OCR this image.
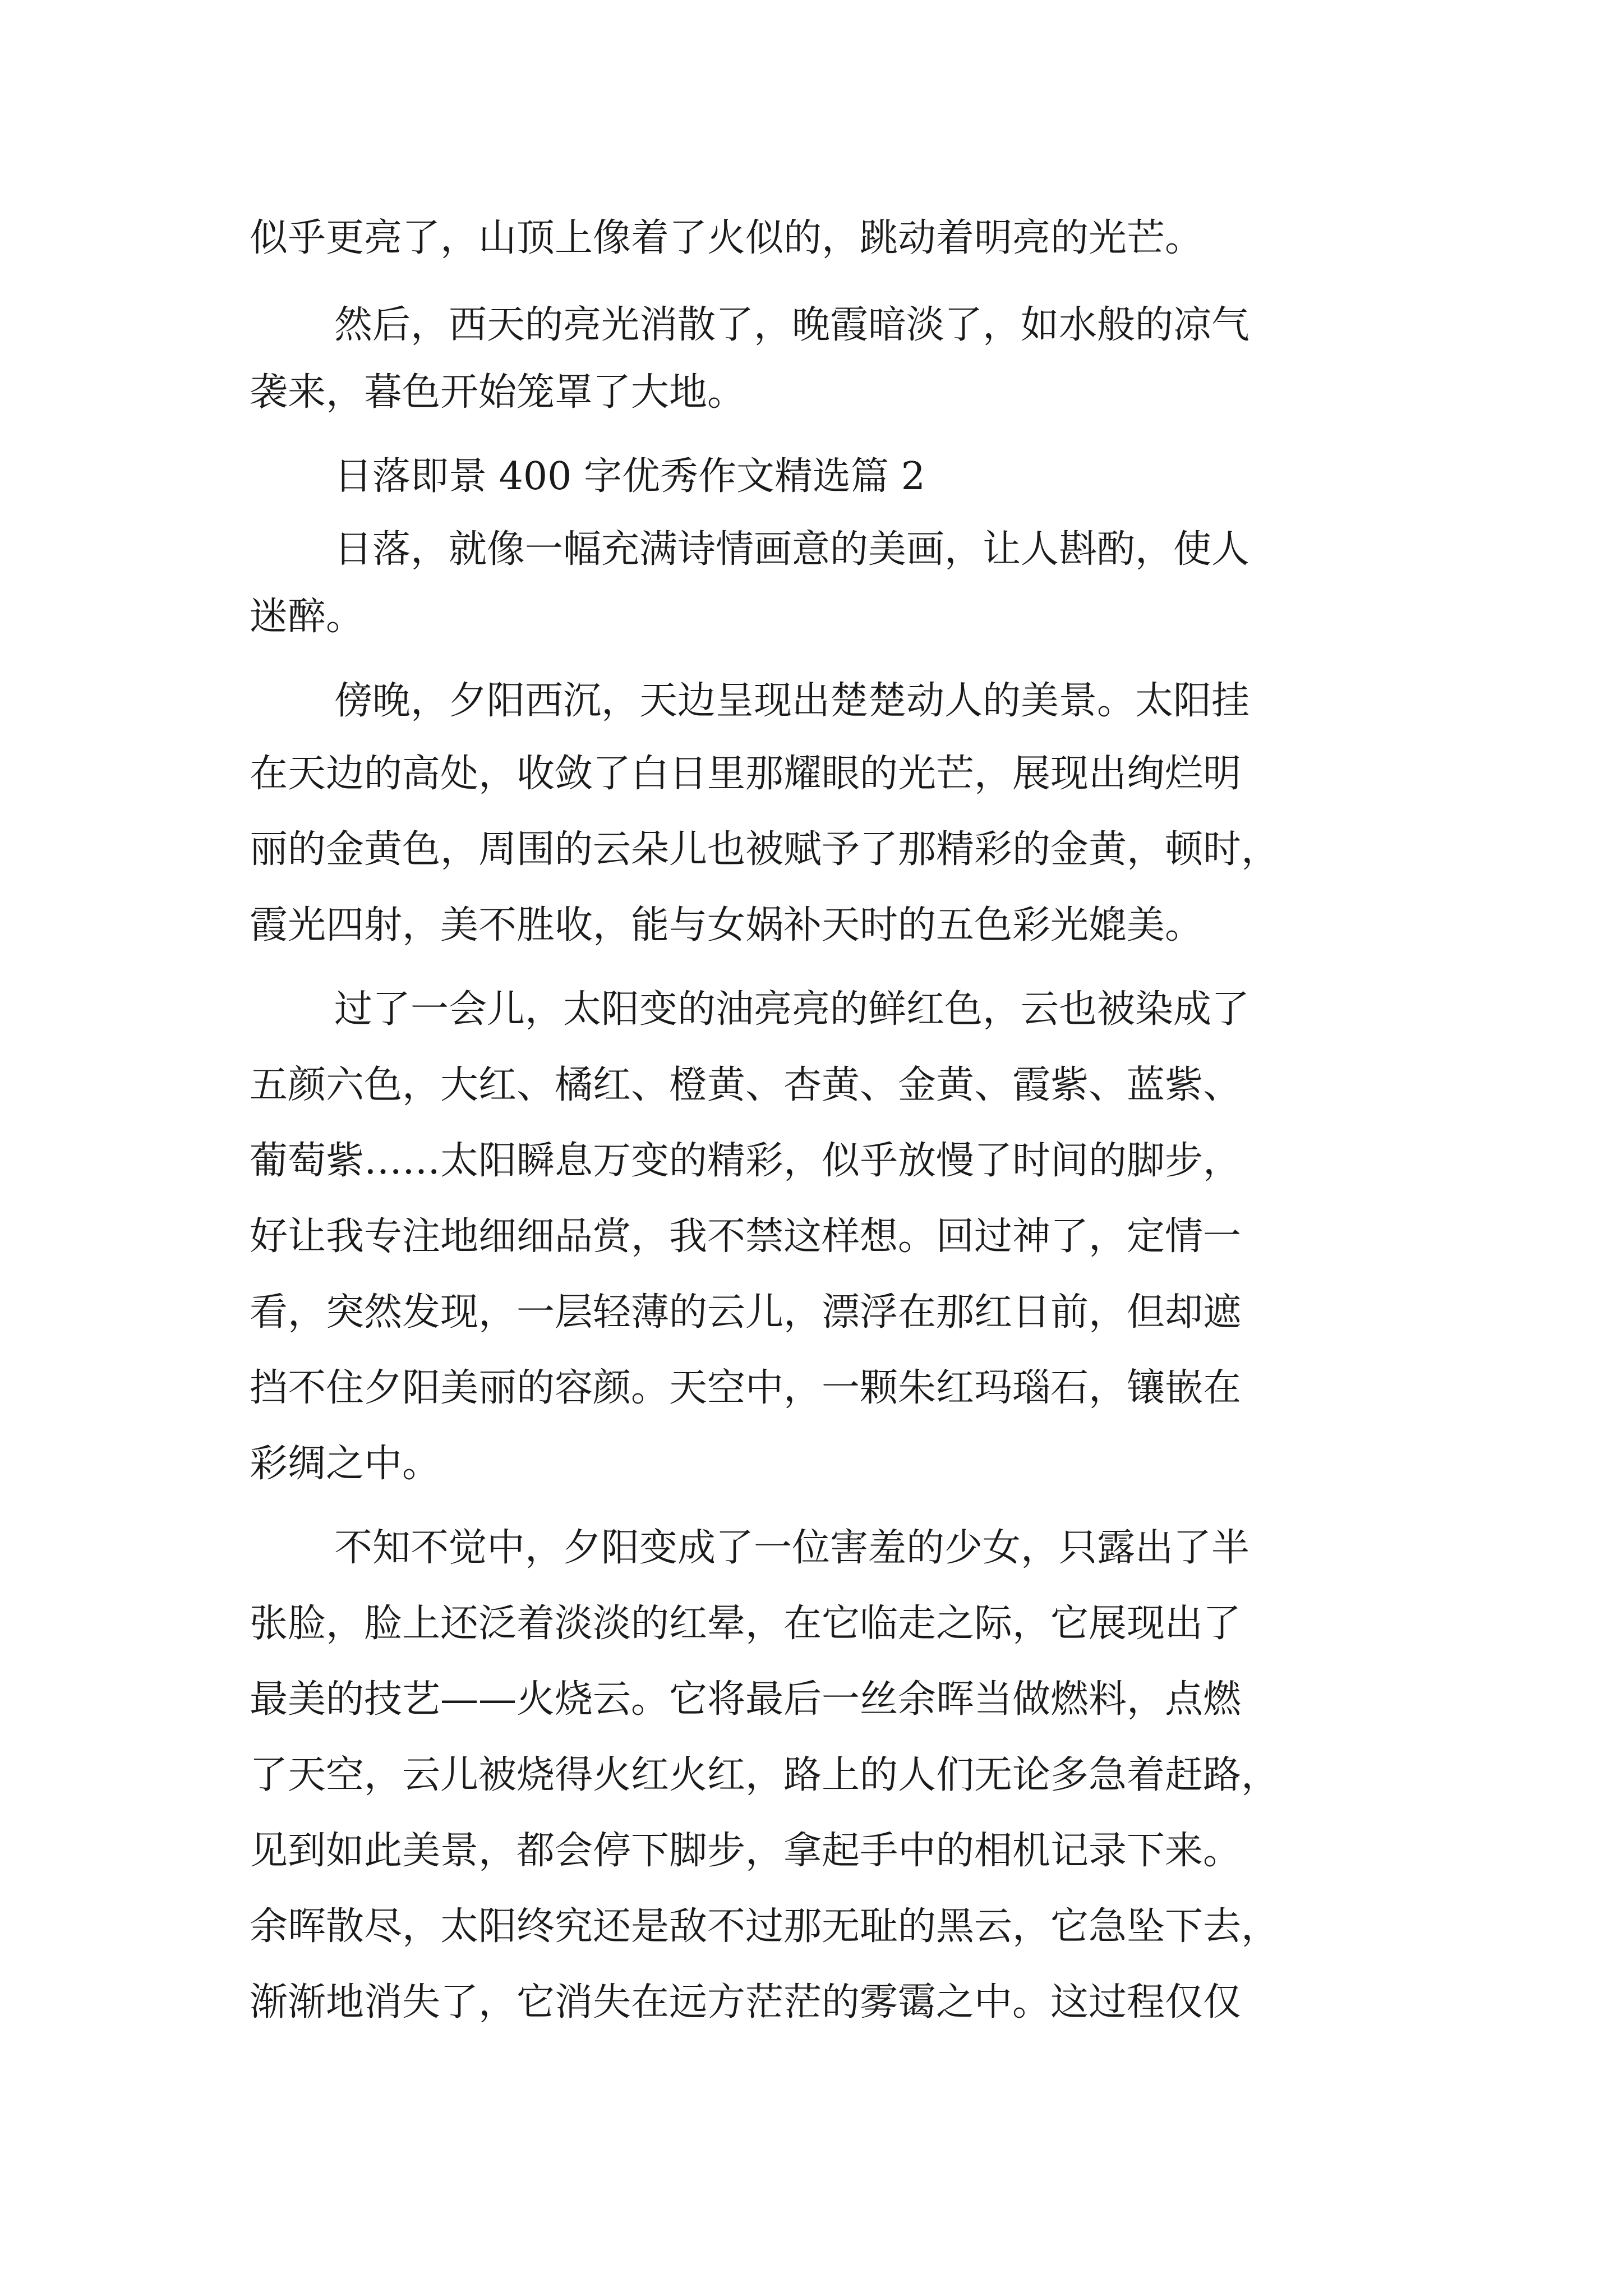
似乎更亮了，山顶上像着了火似的，跳动着明亮的光芒。

然后，西天的亮光消散了，晚霞暗淡了，如水般的凉气

袭来，暮色开始笼罩了大地。

日落即景 400 字优秀作文精选篇 2

日落，就像一幅充满诗情画意的美画，让人斟酌，使人

迷醉。

傍晚，夕阳西沉，天边呈现出楚楚动人的美景。太阳挂

在天边的高处，收敛了白日里那耀眼的光芒，展现出绚烂明

丽的金黄色，周围的云朵儿也被赋予了那精彩的金黄，顿时，

霞光四射，美不胜收，能与女娲补天时的五色彩光媲美。

过了一会儿，太阳变的油亮亮的鲜红色，云也被染成了

五颜六色，大红、橘红、橙黄、杏黄、金黄、霞紫、蓝紫、

葡萄紫……太阳瞬息万变的精彩，似乎放慢了时间的脚步，

好让我专注地细细品赏，我不禁这样想。回过神了，定情一

看，突然发现，一层轻薄的云儿，漂浮在那红日前，但却遮

挡不住夕阳美丽的容颜。天空中，一颗朱红玛瑙石，镶嵌在

彩绸之中。

不知不觉中，夕阳变成了一位害羞的少女，只露出了半

张脸，脸上还泛着淡淡的红晕，在它临走之际，它展现出了

最美的技艺——火烧云。它将最后一丝余晖当做燃料，点燃

了天空，云儿被烧得火红火红，路上的人们无论多急着赶路，

见到如此美景，都会停下脚步，拿起手中的相机记录下来。

余晖散尽，太阳终究还是敌不过那无耻的黑云，它急坠下去，

渐渐地消失了，它消失在远方茫茫的雾霭之中。这过程仅仅
